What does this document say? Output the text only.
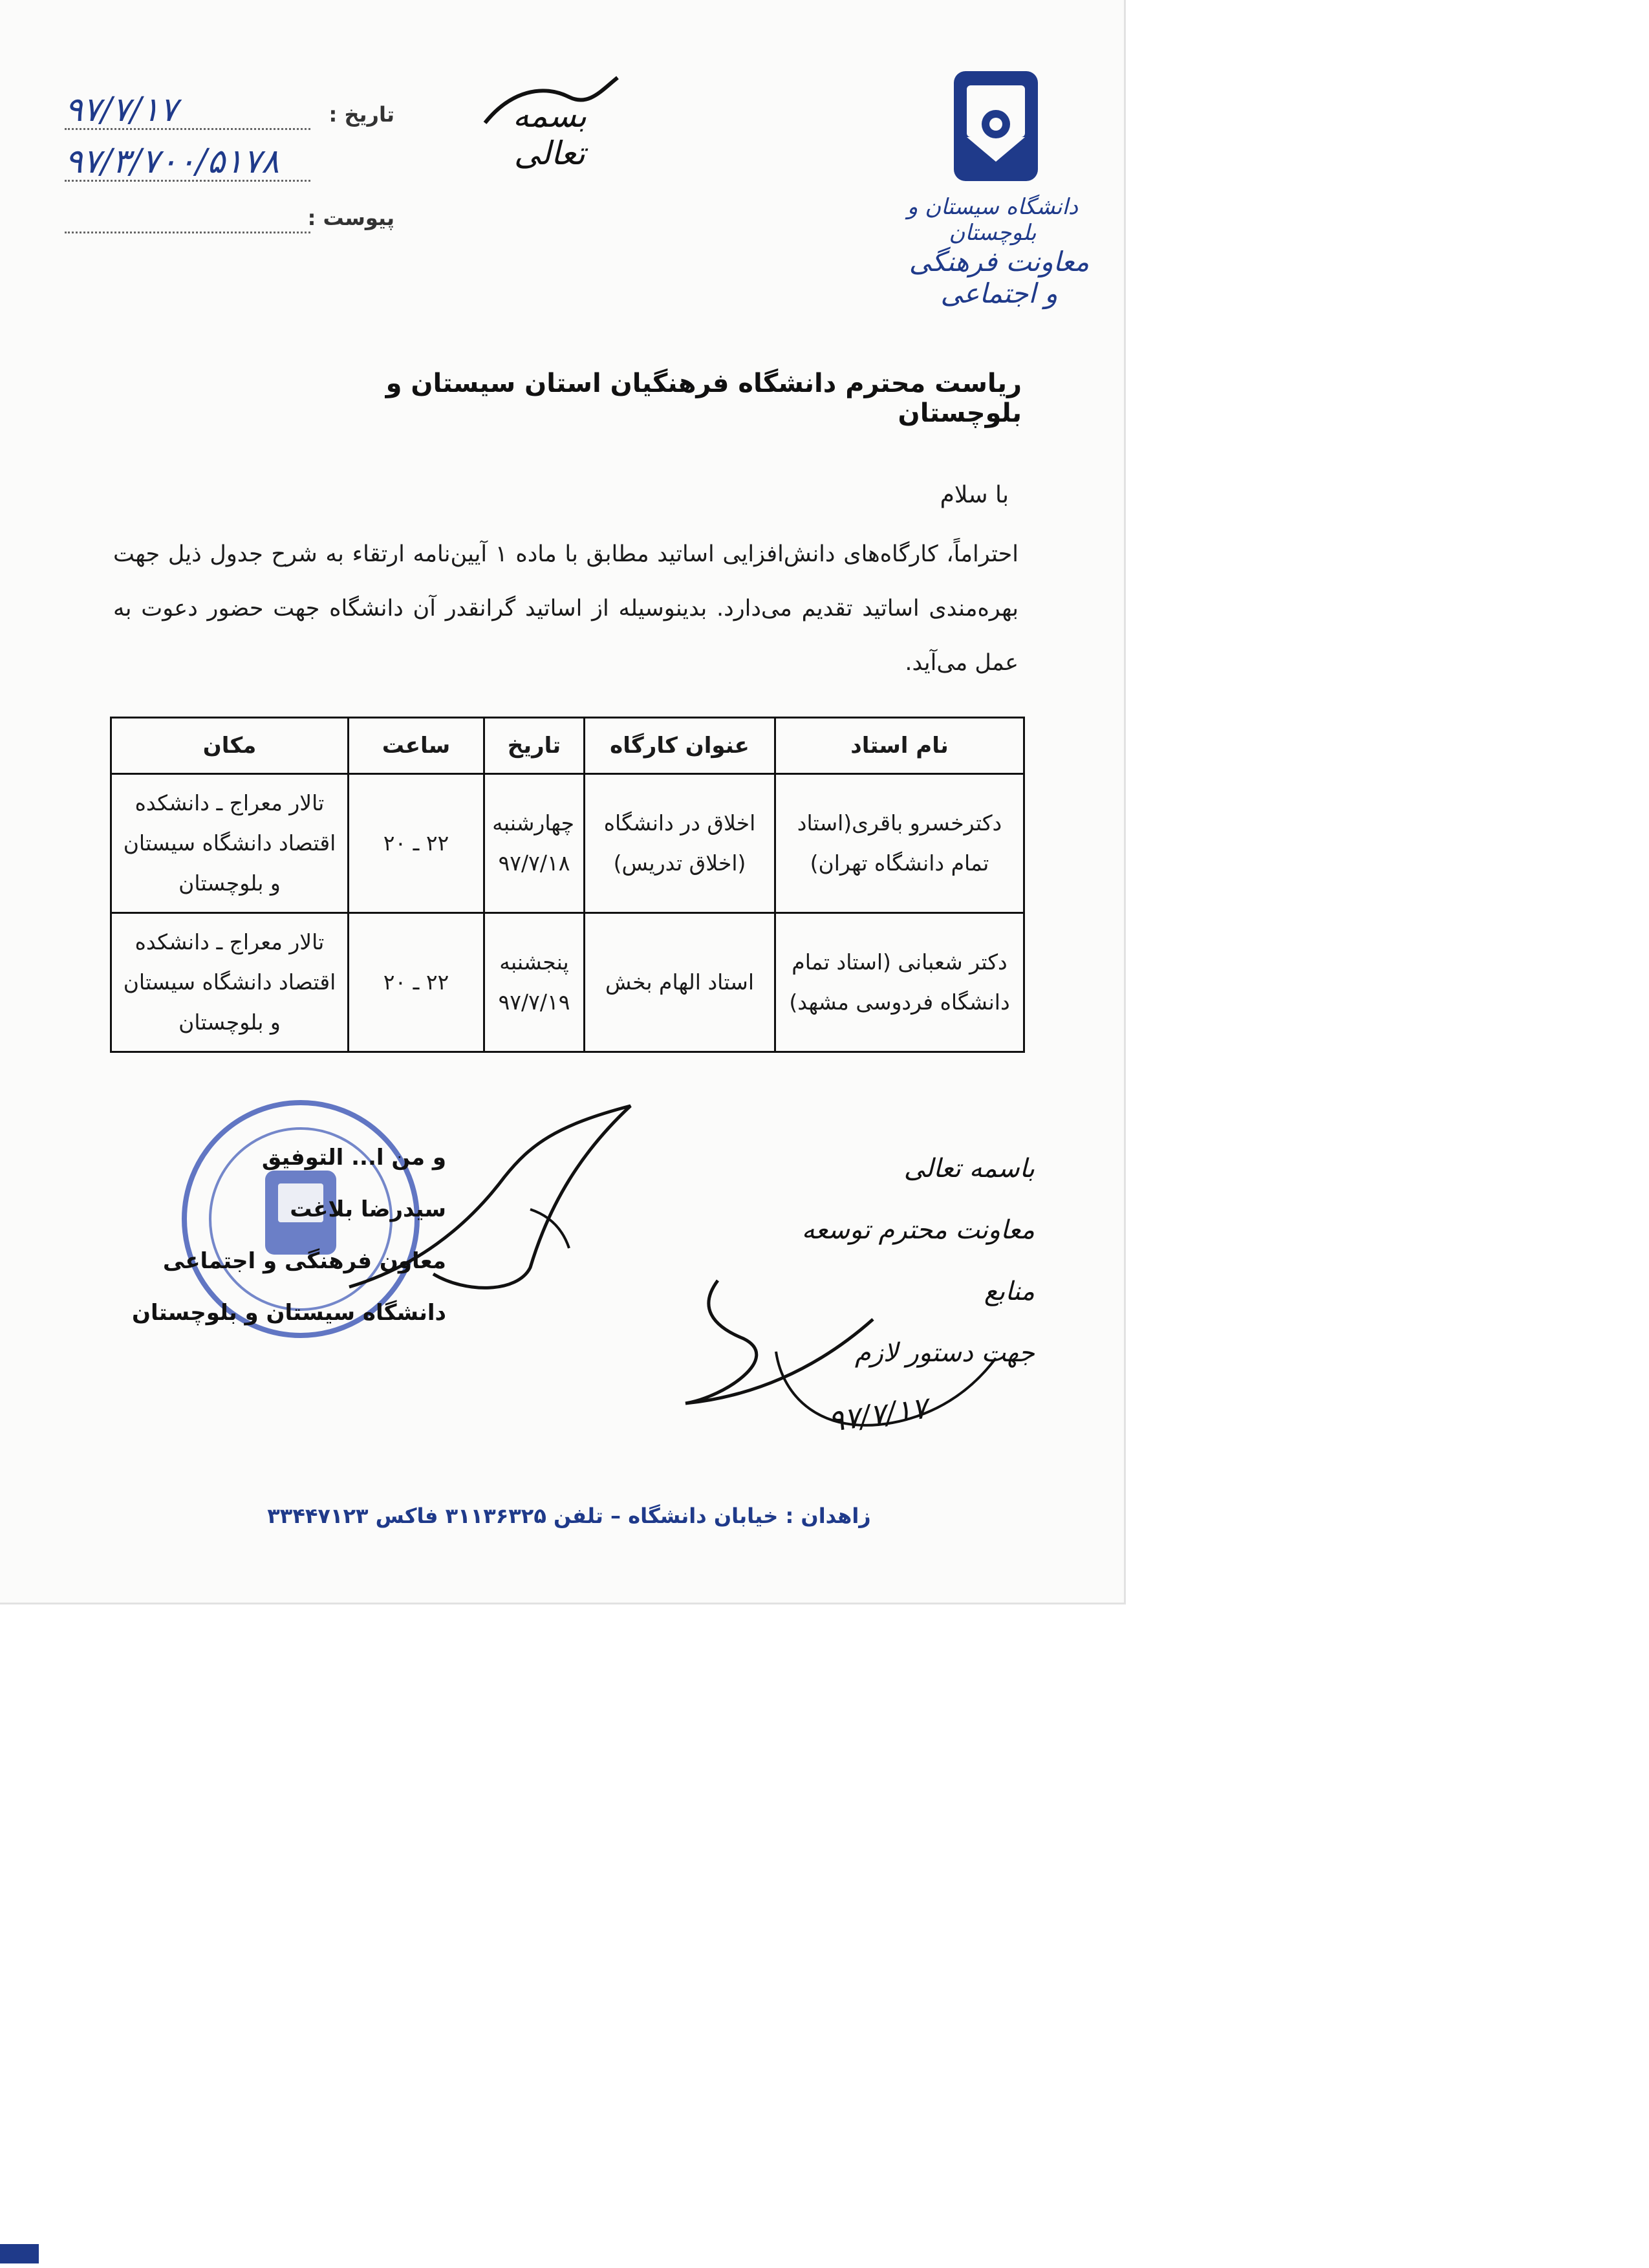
دانشگاه سیستان و بلوچستان
معاونت فرهنگی و اجتماعی
بسمه تعالی
تاریخ :
۹۷/۷/۱۷
۹۷/۳/۷۰۰/۵۱۷۸
پیوست :
ریاست محترم دانشگاه فرهنگیان استان سیستان و بلوچستان
با سلام
احتراماً، کارگاه‌های دانش‌افزایی اساتید مطابق با ماده ۱ آیین‌نامه ارتقاء به شرح جدول ذیل جهت بهره‌مندی اساتید تقدیم می‌دارد. بدینوسیله از اساتید گرانقدر آن دانشگاه جهت حضور دعوت به عمل می‌آید.
نام استاد	عنوان کارگاه	تاریخ	ساعت	مکان
دکترخسرو باقری(استاد تمام دانشگاه تهران)	اخلاق در دانشگاه (اخلاق تدریس)	چهارشنبه ۹۷/۷/۱۸	۲۲ ـ ۲۰	تالار معراج ـ دانشکده اقتصاد دانشگاه سیستان و بلوچستان
دکتر شعبانی (استاد تمام دانشگاه فردوسی مشهد)	استاد الهام بخش	پنجشنبه ۹۷/۷/۱۹	۲۲ ـ ۲۰	تالار معراج ـ دانشکده اقتصاد دانشگاه سیستان و بلوچستان
و من ا... التوفیق
سیدرضا بلاغت
معاون فرهنگی و اجتماعی
دانشگاه سیستان و بلوچستان
باسمه تعالی
معاونت محترم توسعه منابع
جهت دستور لازم
۹۷/۷/۱۷
زاهدان : خیابان دانشگاه – تلفن ۳۱۱۳۶۳۲۵ فاکس ۳۳۴۴۷۱۲۳
